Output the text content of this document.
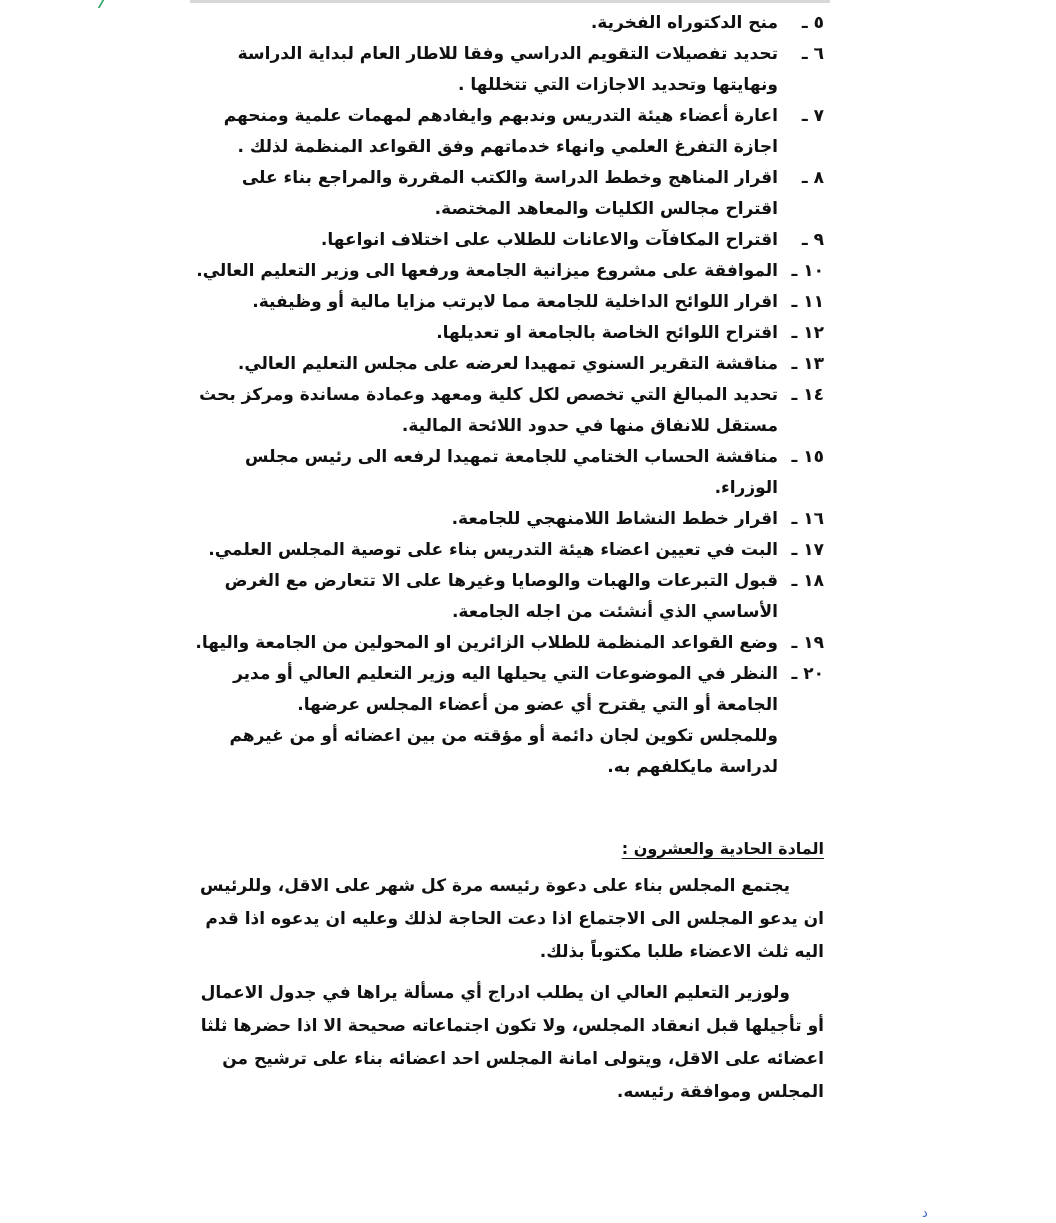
٥ ـ
منح الدكتوراه الفخرية.
٦ ـ
تحديد تفصيلات التقويم الدراسي وفقا للاطار العام لبداية الدراسة ونهايتها وتحديد الاجازات التي تتخللها .
٧ ـ
اعارة أعضاء هيئة التدريس وندبهم وايفادهم لمهمات علمية ومنحهم اجازة التفرغ العلمي وانهاء خدماتهم وفق القواعد المنظمة لذلك .
٨ ـ
اقرار المناهج وخطط الدراسة والكتب المقررة والمراجع بناء على اقتراح مجالس الكليات والمعاهد المختصة.
٩ ـ
اقتراح المكافآت والاعانات للطلاب على اختلاف انواعها.
١٠ ـ
الموافقة على مشروع ميزانية الجامعة ورفعها الى وزير التعليم العالي.
١١ ـ
اقرار اللوائح الداخلية للجامعة مما لايرتب مزايا مالية أو وظيفية.
١٢ ـ
اقتراح اللوائح الخاصة بالجامعة او تعديلها.
١٣ ـ
مناقشة التقرير السنوي تمهيدا لعرضه على مجلس التعليم العالي.
١٤ ـ
تحديد المبالغ التي تخصص لكل كلية ومعهد وعمادة مساندة ومركز بحث مستقل للانفاق منها في حدود اللائحة المالية.
١٥ ـ
مناقشة الحساب الختامي للجامعة تمهيدا لرفعه الى رئيس مجلس الوزراء.
١٦ ـ
اقرار خطط النشاط اللامنهجي للجامعة.
١٧ ـ
البت في تعيين اعضاء هيئة التدريس بناء على توصية المجلس العلمي.
١٨ ـ
قبول التبرعات والهبات والوصايا وغيرها على الا تتعارض مع الغرض الأساسي الذي أنشئت من اجله الجامعة.
١٩ ـ
وضع القواعد المنظمة للطلاب الزائرين او المحولين من الجامعة واليها.
٢٠ ـ
النظر في الموضوعات التي يحيلها اليه وزير التعليم العالي أو مدير الجامعة أو التي يقترح أي عضو من أعضاء المجلس عرضها.
وللمجلس تكوين لجان دائمة أو مؤقته من بين اعضائه أو من غيرهم لدراسة مايكلفهم به.
المادة الحادية والعشرون :

يجتمع المجلس بناء على دعوة رئيسه مرة كل شهر على الاقل، وللرئيس ان يدعو المجلس الى الاجتماع اذا دعت الحاجة لذلك وعليه ان يدعوه اذا قدم اليه ثلث الاعضاء طلبا مكتوباً بذلك.

ولوزير التعليم العالي ان يطلب ادراج أي مسألة يراها في جدول الاعمال أو تأجيلها قبل انعقاد المجلس، ولا تكون اجتماعاته صحيحة الا اذا حضرها ثلثا اعضائه على الاقل، ويتولى امانة المجلس احد اعضائه بناء على ترشيح من المجلس وموافقة رئيسه.

د
